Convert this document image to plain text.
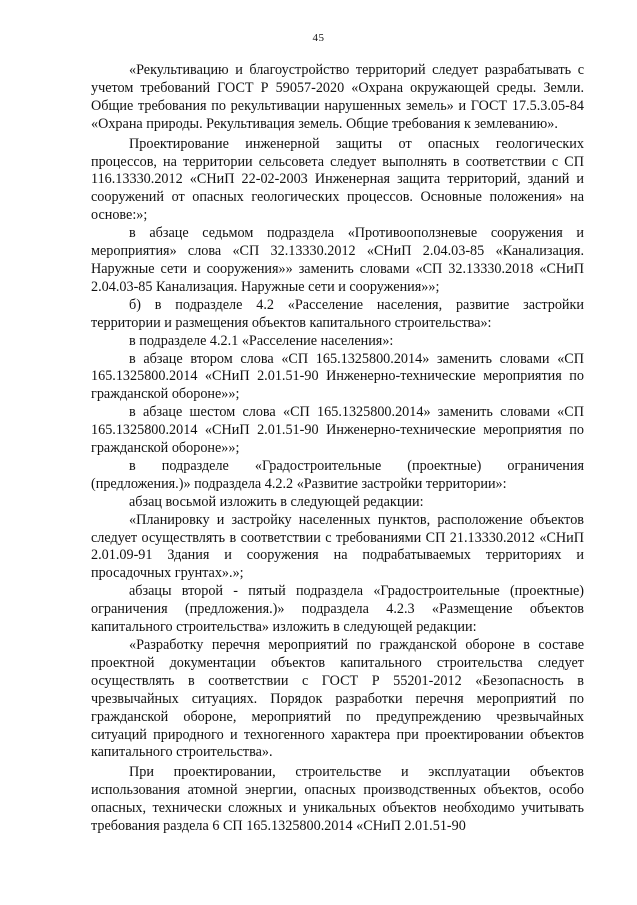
45

«Рекультивацию и благоустройство территорий следует разрабатывать с учетом требований ГОСТ Р 59057-2020 «Охрана окружающей среды. Земли. Общие требования по рекультивации нарушенных земель» и ГОСТ 17.5.3.05-84 «Охрана природы. Рекультивация земель. Общие требования к землеванию».

Проектирование инженерной защиты от опасных геологических процессов, на территории сельсовета следует выполнять в соответствии с СП 116.13330.2012 «СНиП 22-02-2003 Инженерная защита территорий, зданий и сооружений от опасных геологических процессов. Основные положения» на основе:»;

в абзаце седьмом подраздела «Противооползневые сооружения и мероприятия» слова «СП 32.13330.2012 «СНиП 2.04.03-85 «Канализация. Наружные сети и сооружения»» заменить словами «СП 32.13330.2018 «СНиП 2.04.03-85 Канализация. Наружные сети и сооружения»»;

б) в подразделе 4.2 «Расселение населения, развитие застройки территории и размещения объектов капитального строительства»:

в подразделе 4.2.1 «Расселение населения»:

в абзаце втором слова «СП 165.1325800.2014» заменить словами «СП 165.1325800.2014 «СНиП 2.01.51-90 Инженерно-технические мероприятия по гражданской обороне»»;

в абзаце шестом слова «СП 165.1325800.2014» заменить словами «СП 165.1325800.2014 «СНиП 2.01.51-90 Инженерно-технические мероприятия по гражданской обороне»»;

в подразделе «Градостроительные (проектные) ограничения (предложения.)» подраздела 4.2.2 «Развитие застройки территории»:

абзац восьмой изложить в следующей редакции:

«Планировку и застройку населенных пунктов, расположение объектов следует осуществлять в соответствии с требованиями СП 21.13330.2012 «СНиП 2.01.09-91 Здания и сооружения на подрабатываемых территориях и просадочных грунтах».»;

абзацы второй - пятый подраздела «Градостроительные (проектные) ограничения (предложения.)» подраздела 4.2.3 «Размещение объектов капитального строительства» изложить в следующей редакции:

«Разработку перечня мероприятий по гражданской обороне в составе проектной документации объектов капитального строительства следует осуществлять в соответствии с ГОСТ Р 55201-2012 «Безопасность в чрезвычайных ситуациях. Порядок разработки перечня мероприятий по гражданской обороне, мероприятий по предупреждению чрезвычайных ситуаций природного и техногенного характера при проектировании объектов капитального строительства».

При проектировании, строительстве и эксплуатации объектов использования атомной энергии, опасных производственных объектов, особо опасных, технически сложных и уникальных объектов необходимо учитывать требования раздела 6 СП 165.1325800.2014 «СНиП 2.01.51-90
